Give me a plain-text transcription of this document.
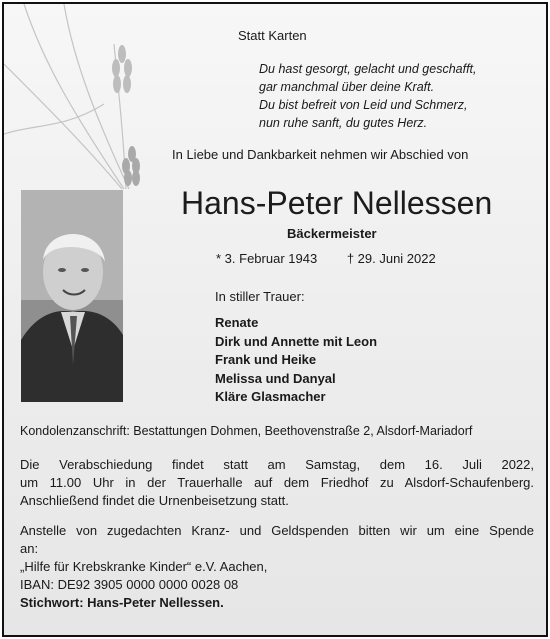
Statt Karten
Du hast gesorgt, gelacht und geschafft,
gar manchmal über deine Kraft.
Du bist befreit von Leid und Schmerz,
nun ruhe sanft, du gutes Herz.
In Liebe und Dankbarkeit nehmen wir Abschied von
Hans-Peter Nellessen
Bäckermeister
* 3. Februar 1943 † 29. Juni 2022
In stiller Trauer:
Renate
Dirk und Annette mit Leon
Frank und Heike
Melissa und Danyal
Kläre Glasmacher
Kondolenzanschrift: Bestattungen Dohmen, Beethovenstraße 2, Alsdorf-Mariadorf
Die Verabschiedung findet statt am Samstag, dem 16. Juli 2022,
um 11.00 Uhr in der Trauerhalle auf dem Friedhof zu Alsdorf-Schaufenberg.
Anschließend findet die Urnenbeisetzung statt.
Anstelle von zugedachten Kranz- und Geldspenden bitten wir um eine Spende
an:
„Hilfe für Krebskranke Kinder“ e.V. Aachen,
IBAN: DE92 3905 0000 0000 0028 08
Stichwort: Hans-Peter Nellessen.
